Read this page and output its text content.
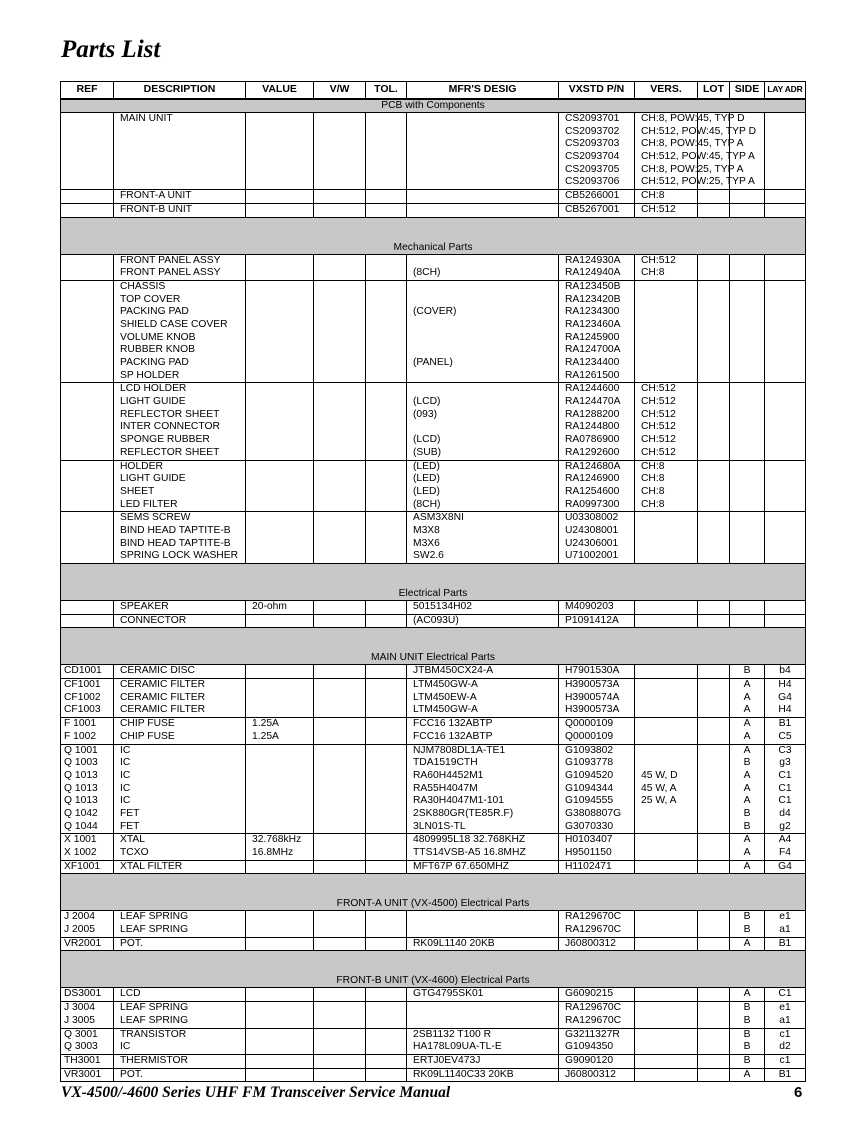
Parts List
REF	DESCRIPTION	VALUE	V/W	TOL.	MFR'S DESIG	VXSTD P/N	VERS.	LOT	SIDE	LAY ADR
PCB with Components										
	MAIN UNIT					CS2093701	CH:8, POW:45, TYP D			
						CS2093702	CH:512, POW:45, TYP D			
						CS2093703	CH:8, POW:45, TYP A			
						CS2093704	CH:512, POW:45, TYP A			
						CS2093705	CH:8, POW:25, TYP A			
						CS2093706	CH:512, POW:25, TYP A			
	FRONT-A UNIT					CB5266001	CH:8			
	FRONT-B UNIT					CB5267001	CH:512			
Mechanical Parts										
	FRONT PANEL ASSY					RA124930A	CH:512			
	FRONT PANEL ASSY				(8CH)	RA124940A	CH:8			
	CHASSIS					RA123450B				
	TOP COVER					RA123420B				
	PACKING PAD				(COVER)	RA1234300				
	SHIELD CASE COVER					RA123460A				
	VOLUME KNOB					RA1245900				
	RUBBER KNOB					RA124700A				
	PACKING PAD				(PANEL)	RA1234400				
	SP HOLDER					RA1261500				
	LCD HOLDER					RA1244600	CH:512			
	LIGHT GUIDE				(LCD)	RA124470A	CH:512			
	REFLECTOR SHEET				(093)	RA1288200	CH:512			
	INTER CONNECTOR					RA1244800	CH:512			
	SPONGE RUBBER				(LCD)	RA0786900	CH:512			
	REFLECTOR SHEET				(SUB)	RA1292600	CH:512			
	HOLDER				(LED)	RA124680A	CH:8			
	LIGHT GUIDE				(LED)	RA1246900	CH:8			
	SHEET				(LED)	RA1254600	CH:8			
	LED FILTER				(8CH)	RA0997300	CH:8			
	SEMS SCREW				ASM3X8NI	U03308002				
	BIND HEAD TAPTITE-B				M3X8	U24308001				
	BIND HEAD TAPTITE-B				M3X6	U24306001				
	SPRING LOCK WASHER				SW2.6	U71002001				
Electrical Parts										
	SPEAKER	20-ohm			5015134H02	M4090203				
	CONNECTOR				(AC093U)	P1091412A				
MAIN UNIT Electrical Parts										
CD1001	CERAMIC DISC				JTBM450CX24-A	H7901530A			B	b4
CF1001	CERAMIC FILTER				LTM450GW-A	H3900573A			A	H4
CF1002	CERAMIC FILTER				LTM450EW-A	H3900574A			A	G4
CF1003	CERAMIC FILTER				LTM450GW-A	H3900573A			A	H4
F 1001	CHIP FUSE	1.25A			FCC16 132ABTP	Q0000109			A	B1
F 1002	CHIP FUSE	1.25A			FCC16 132ABTP	Q0000109			A	C5
Q 1001	IC				NJM7808DL1A-TE1	G1093802			A	C3
Q 1003	IC				TDA1519CTH	G1093778			B	g3
Q 1013	IC				RA60H4452M1	G1094520	45 W, D		A	C1
Q 1013	IC				RA55H4047M	G1094344	45 W, A		A	C1
Q 1013	IC				RA30H4047M1-101	G1094555	25 W, A		A	C1
Q 1042	FET				2SK880GR(TE85R.F)	G3808807G			B	d4
Q 1044	FET				3LN01S-TL	G3070330			B	g2
X 1001	XTAL	32.768kHz			4809995L18 32.768KHZ	H0103407			A	A4
X 1002	TCXO	16.8MHz			TTS14VSB-A5 16.8MHZ	H9501150			A	F4
XF1001	XTAL FILTER				MFT67P 67.650MHZ	H1102471			A	G4
FRONT-A UNIT (VX-4500) Electrical Parts										
J 2004	LEAF SPRING					RA129670C			B	e1
J 2005	LEAF SPRING					RA129670C			B	a1
VR2001	POT.				RK09L1140 20KB	J60800312			A	B1
FRONT-B UNIT (VX-4600) Electrical Parts										
DS3001	LCD				GTG4795SK01	G6090215			A	C1
J 3004	LEAF SPRING					RA129670C			B	e1
J 3005	LEAF SPRING					RA129670C			B	a1
Q 3001	TRANSISTOR				2SB1132 T100 R	G3211327R			B	c1
Q 3003	IC				HA178L09UA-TL-E	G1094350			B	d2
TH3001	THERMISTOR				ERTJ0EV473J	G9090120			B	c1
VR3001	POT.				RK09L1140C33 20KB	J60800312			A	B1
VX-4500/-4600 Series UHF FM Transceiver Service Manual	6
